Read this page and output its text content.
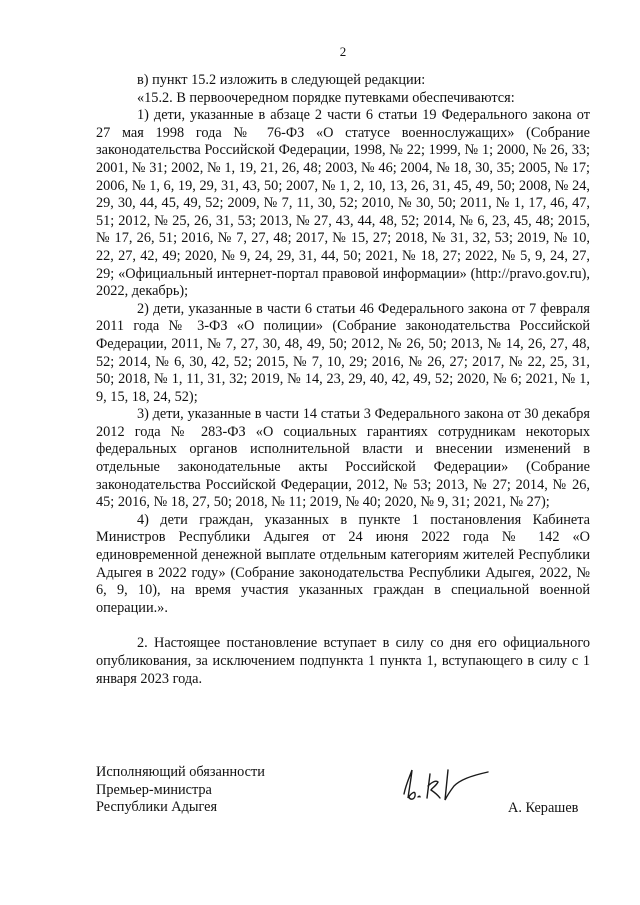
2

в) пункт 15.2 изложить в следующей редакции:

«15.2. В первоочередном порядке путевками обеспечиваются:

1) дети, указанные в абзаце 2 части 6 статьи 19 Федерального закона от 27 мая 1998 года № 76-ФЗ «О статусе военнослужащих» (Собрание законодательства Российской Федерации, 1998, № 22; 1999, № 1; 2000, № 26, 33; 2001, № 31; 2002, № 1, 19, 21, 26, 48; 2003, № 46; 2004, № 18, 30, 35; 2005, № 17; 2006, № 1, 6, 19, 29, 31, 43, 50; 2007, № 1, 2, 10, 13, 26, 31, 45, 49, 50; 2008, № 24, 29, 30, 44, 45, 49, 52; 2009, № 7, 11, 30, 52; 2010, № 30, 50; 2011, № 1, 17, 46, 47, 51; 2012, № 25, 26, 31, 53; 2013, № 27, 43, 44, 48, 52; 2014, № 6, 23, 45, 48; 2015, № 17, 26, 51; 2016, № 7, 27, 48; 2017, № 15, 27; 2018, № 31, 32, 53; 2019, № 10, 22, 27, 42, 49; 2020, № 9, 24, 29, 31, 44, 50; 2021, № 18, 27; 2022, № 5, 9, 24, 27, 29; «Официальный интернет-портал правовой информации» (http://pravo.gov.ru), 2022, декабрь);

2) дети, указанные в части 6 статьи 46 Федерального закона от 7 февраля 2011 года № 3-ФЗ «О полиции» (Собрание законодательства Российской Федерации, 2011, № 7, 27, 30, 48, 49, 50; 2012, № 26, 50; 2013, № 14, 26, 27, 48, 52; 2014, № 6, 30, 42, 52; 2015, № 7, 10, 29; 2016, № 26, 27; 2017, № 22, 25, 31, 50; 2018, № 1, 11, 31, 32; 2019, № 14, 23, 29, 40, 42, 49, 52; 2020, № 6; 2021, № 1, 9, 15, 18, 24, 52);

3) дети, указанные в части 14 статьи 3 Федерального закона от 30 декабря 2012 года № 283-ФЗ «О социальных гарантиях сотрудникам некоторых федеральных органов исполнительной власти и внесении изменений в отдельные законодательные акты Российской Федерации» (Собрание законодательства Российской Федерации, 2012, № 53; 2013, № 27; 2014, № 26, 45; 2016, № 18, 27, 50; 2018, № 11; 2019, № 40; 2020, № 9, 31; 2021, № 27);

4) дети граждан, указанных в пункте 1 постановления Кабинета Министров Республики Адыгея от 24 июня 2022 года № 142 «О единовременной денежной выплате отдельным категориям жителей Республики Адыгея в 2022 году» (Собрание законодательства Республики Адыгея, 2022, № 6, 9, 10), на время участия указанных граждан в специальной военной операции.».

2. Настоящее постановление вступает в силу со дня его официального опубликования, за исключением подпункта 1 пункта 1, вступающего в силу с 1 января 2023 года.

Исполняющий обязанности
Премьер-министра
Республики Адыгея	А. Керашев
